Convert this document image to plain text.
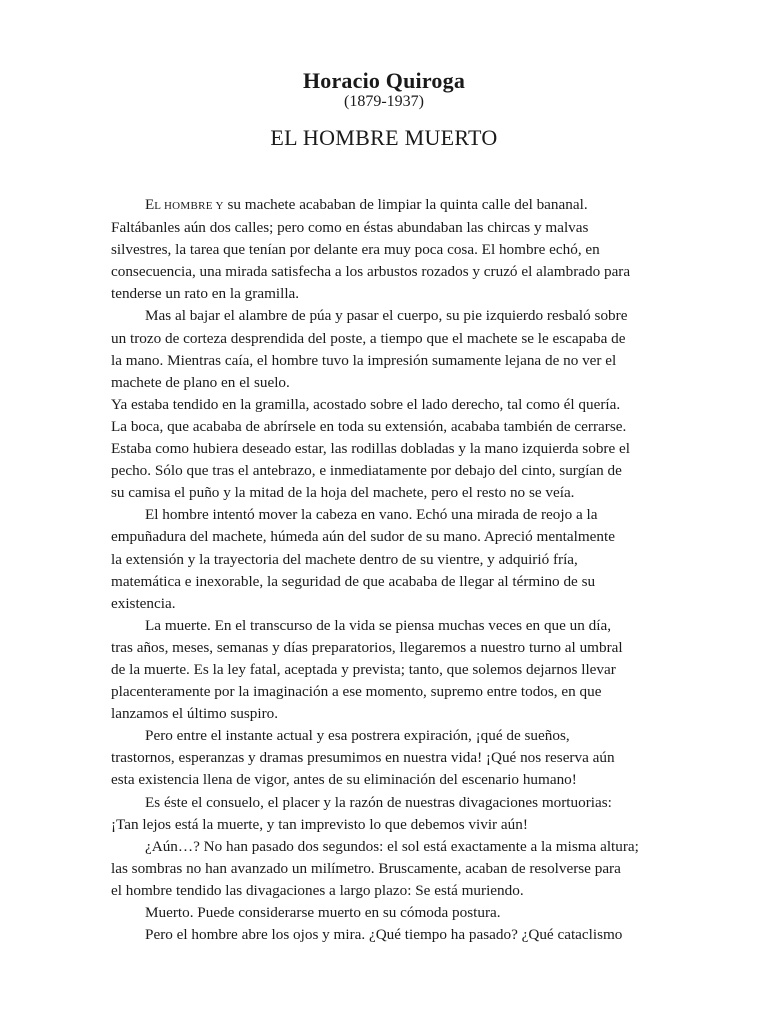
Horacio Quiroga
(1879-1937)
EL HOMBRE MUERTO
EL HOMBRE Y su machete acababan de limpiar la quinta calle del bananal.
Faltábanles aún dos calles; pero como en éstas abundaban las chircas y malvas
silvestres, la tarea que tenían por delante era muy poca cosa. El hombre echó, en
consecuencia, una mirada satisfecha a los arbustos rozados y cruzó el alambrado para
tenderse un rato en la gramilla.
Mas al bajar el alambre de púa y pasar el cuerpo, su pie izquierdo resbaló sobre
un trozo de corteza desprendida del poste, a tiempo que el machete se le escapaba de
la mano. Mientras caía, el hombre tuvo la impresión sumamente lejana de no ver el
machete de plano en el suelo.
Ya estaba tendido en la gramilla, acostado sobre el lado derecho, tal como él quería.
La boca, que acababa de abrírsele en toda su extensión, acababa también de cerrarse.
Estaba como hubiera deseado estar, las rodillas dobladas y la mano izquierda sobre el
pecho. Sólo que tras el antebrazo, e inmediatamente por debajo del cinto, surgían de
su camisa el puño y la mitad de la hoja del machete, pero el resto no se veía.
El hombre intentó mover la cabeza en vano. Echó una mirada de reojo a la
empuñadura del machete, húmeda aún del sudor de su mano. Apreció mentalmente
la extensión y la trayectoria del machete dentro de su vientre, y adquirió fría,
matemática e inexorable, la seguridad de que acababa de llegar al término de su
existencia.
La muerte. En el transcurso de la vida se piensa muchas veces en que un día,
tras años, meses, semanas y días preparatorios, llegaremos a nuestro turno al umbral
de la muerte. Es la ley fatal, aceptada y prevista; tanto, que solemos dejarnos llevar
placenteramente por la imaginación a ese momento, supremo entre todos, en que
lanzamos el último suspiro.
Pero entre el instante actual y esa postrera expiración, ¡qué de sueños,
trastornos, esperanzas y dramas presumimos en nuestra vida! ¡Qué nos reserva aún
esta existencia llena de vigor, antes de su eliminación del escenario humano!
Es éste el consuelo, el placer y la razón de nuestras divagaciones mortuorias:
¡Tan lejos está la muerte, y tan imprevisto lo que debemos vivir aún!
¿Aún…? No han pasado dos segundos: el sol está exactamente a la misma altura;
las sombras no han avanzado un milímetro. Bruscamente, acaban de resolverse para
el hombre tendido las divagaciones a largo plazo: Se está muriendo.
Muerto. Puede considerarse muerto en su cómoda postura.
Pero el hombre abre los ojos y mira. ¿Qué tiempo ha pasado? ¿Qué cataclismo
